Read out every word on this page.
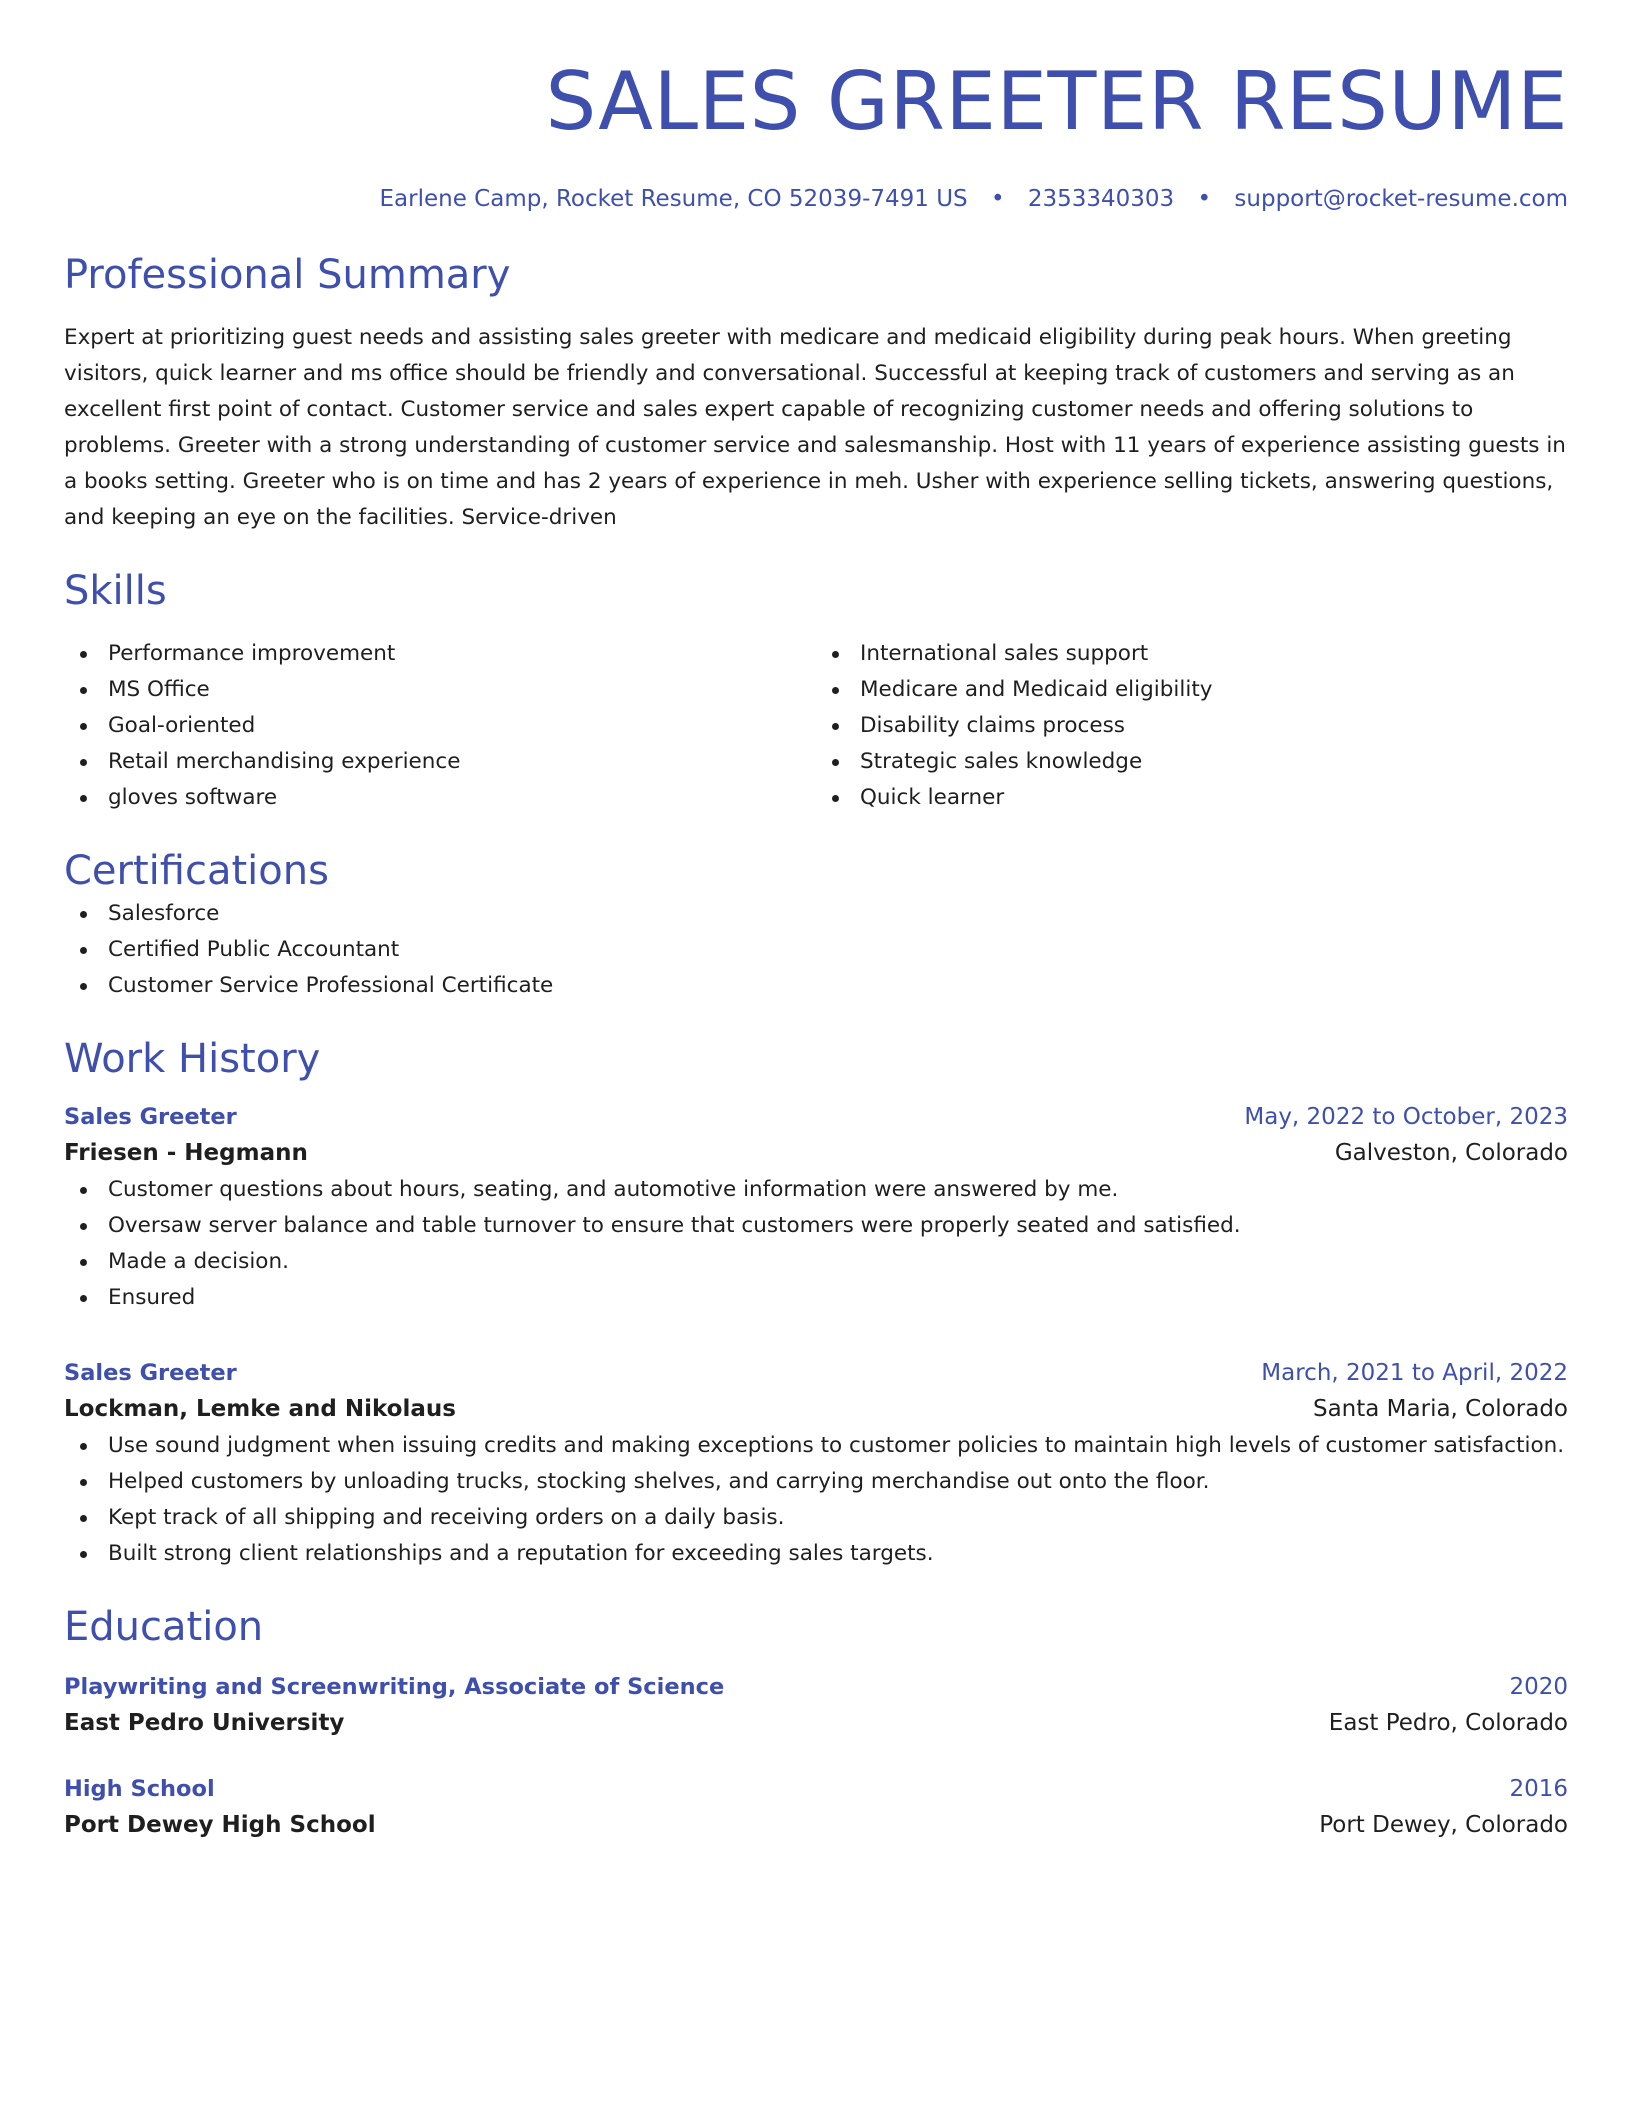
SALES GREETER RESUME
Earlene Camp, Rocket Resume, CO 52039-7491 US • 2353340303 • support@rocket-resume.com
Professional Summary

Expert at prioritizing guest needs and assisting sales greeter with medicare and medicaid eligibility during peak hours. When greeting visitors, quick learner and ms office should be friendly and conversational. Successful at keeping track of customers and serving as an excellent first point of contact. Customer service and sales expert capable of recognizing customer needs and offering solutions to problems. Greeter with a strong understanding of customer service and salesmanship. Host with 11 years of experience assisting guests in a books setting. Greeter who is on time and has 2 years of experience in meh. Usher with experience selling tickets, answering questions, and keeping an eye on the facilities. Service-driven

Skills
Performance improvement
MS Office
Goal-oriented
Retail merchandising experience
gloves software
International sales support
Medicare and Medicaid eligibility
Disability claims process
Strategic sales knowledge
Quick learner
Certifications
Salesforce
Certified Public Accountant
Customer Service Professional Certificate
Work History
Sales Greeter	May, 2022 to October, 2023
Friesen - Hegmann	Galveston, Colorado
Customer questions about hours, seating, and automotive information were answered by me.
Oversaw server balance and table turnover to ensure that customers were properly seated and satisfied.
Made a decision.
Ensured
Sales Greeter	March, 2021 to April, 2022
Lockman, Lemke and Nikolaus	Santa Maria, Colorado
Use sound judgment when issuing credits and making exceptions to customer policies to maintain high levels of customer satisfaction.
Helped customers by unloading trucks, stocking shelves, and carrying merchandise out onto the floor.
Kept track of all shipping and receiving orders on a daily basis.
Built strong client relationships and a reputation for exceeding sales targets.
Education
Playwriting and Screenwriting, Associate of Science	2020
East Pedro University	East Pedro, Colorado
High School	2016
Port Dewey High School	Port Dewey, Colorado
